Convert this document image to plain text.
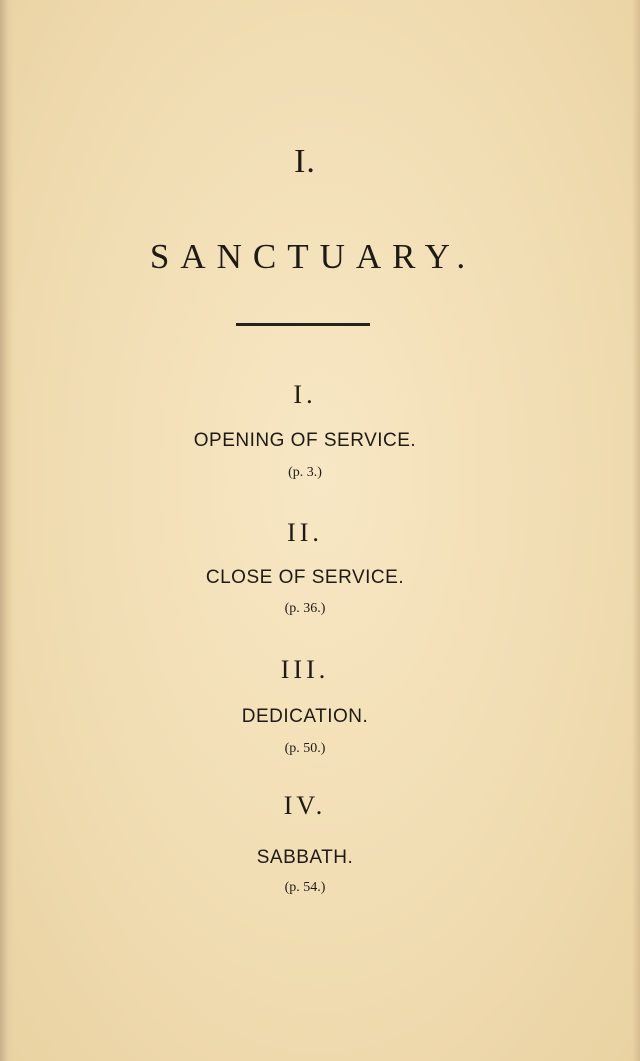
I.
SANCTUARY.
I.
OPENING OF SERVICE.
(p. 3.)
II.
CLOSE OF SERVICE.
(p. 36.)
III.
DEDICATION.
(p. 50.)
IV.
SABBATH.
(p. 54.)
